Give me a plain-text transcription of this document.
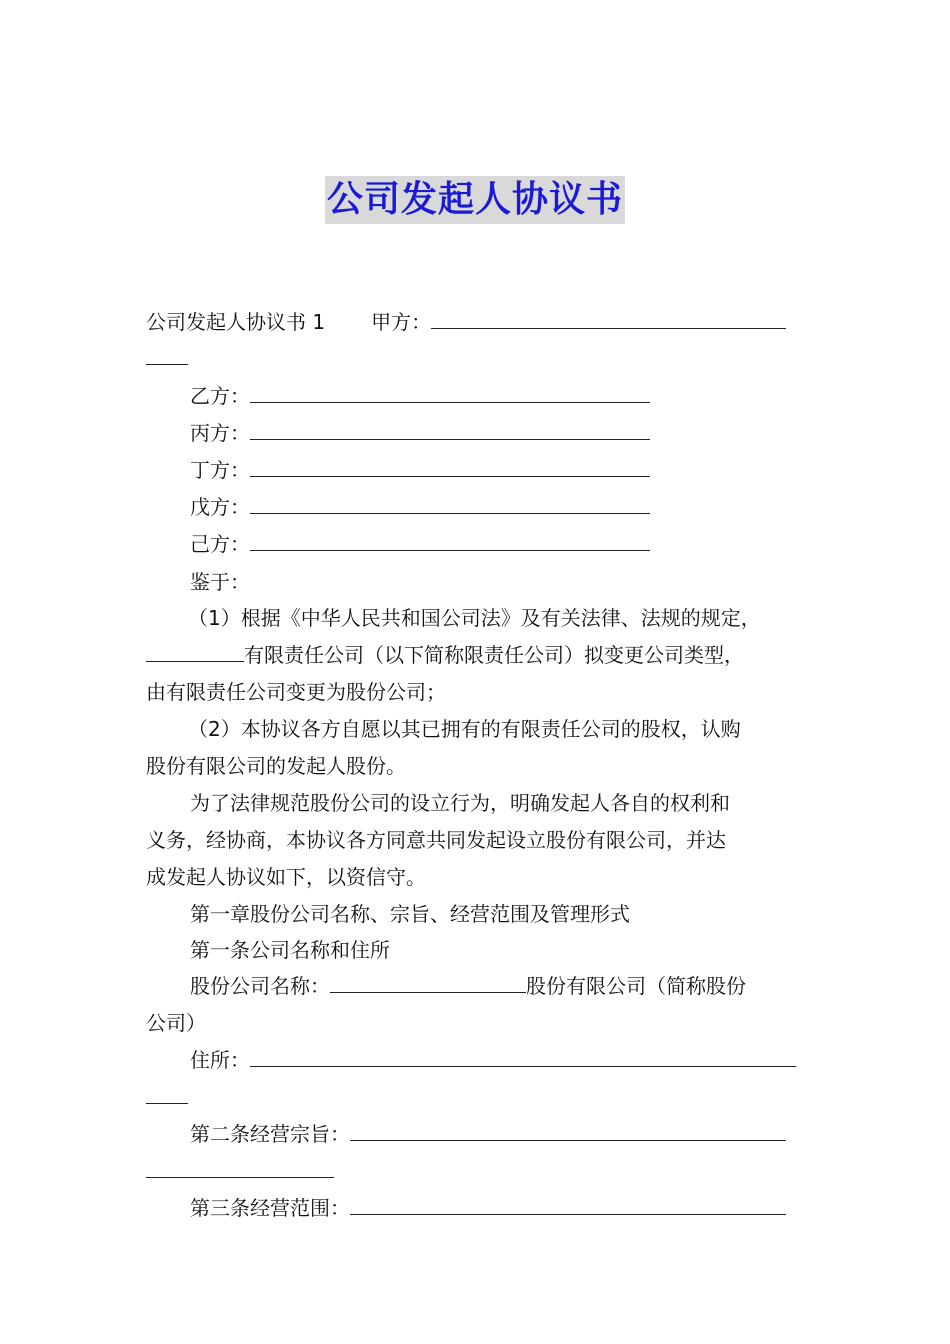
公司发起人协议书
公司发起人协议书 1 甲方：
乙方：
丙方：
丁方：
戊方：
己方：
鉴于：
（1）根据《中华人民共和国公司法》及有关法律、法规的规定，
有限责任公司（以下简称限责任公司）拟变更公司类型，
由有限责任公司变更为股份公司；
（2）本协议各方自愿以其已拥有的有限责任公司的股权，认购
股份有限公司的发起人股份。
为了法律规范股份公司的设立行为，明确发起人各自的权利和
义务，经协商，本协议各方同意共同发起设立股份有限公司，并达
成发起人协议如下，以资信守。
第一章股份公司名称、宗旨、经营范围及管理形式
第一条公司名称和住所
股份公司名称：	股份有限公司（简称股份
公司）
住所：
第二条经营宗旨：
第三条经营范围：
